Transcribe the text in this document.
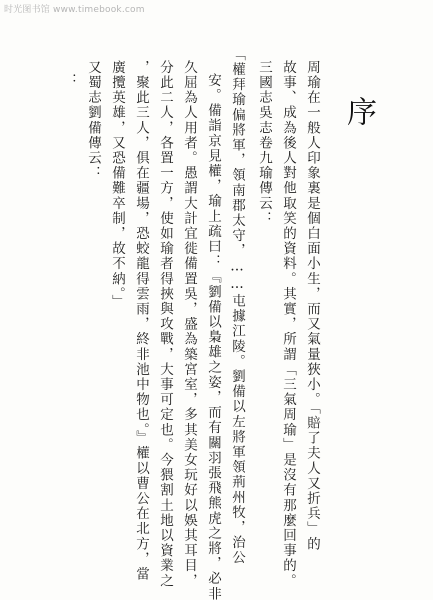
时光图书馆 www.timebook.com
序
周瑜在一般人印象裏是個白面小生，而又氣量狹小。「賠了夫人又折兵」的
故事、成為後人對他取笑的資料。其實，所謂「三氣周瑜」是沒有那麼回事的。
三國志吳志卷九瑜傳云：
「權拜瑜偏將軍，領南郡太守，……屯據江陵。劉備以左將軍領荊州牧，治公
安。備詣京見權，瑜上疏曰：『劉備以梟雄之姿，而有關羽張飛熊虎之將，必非
久屈為人用者。愚謂大計宜徙備置吳，盛為築宮室，多其美女玩好以娛其耳目，
分此二人，各置一方，使如瑜者得挾與攻戰，大事可定也。今猥割土地以資業之
，聚此三人，俱在疆場，恐蛟龍得雲雨，終非池中物也。』權以曹公在北方，當
廣攬英雄，又恐備難卒制，故不納。」
又蜀志劉備傳云：
：
